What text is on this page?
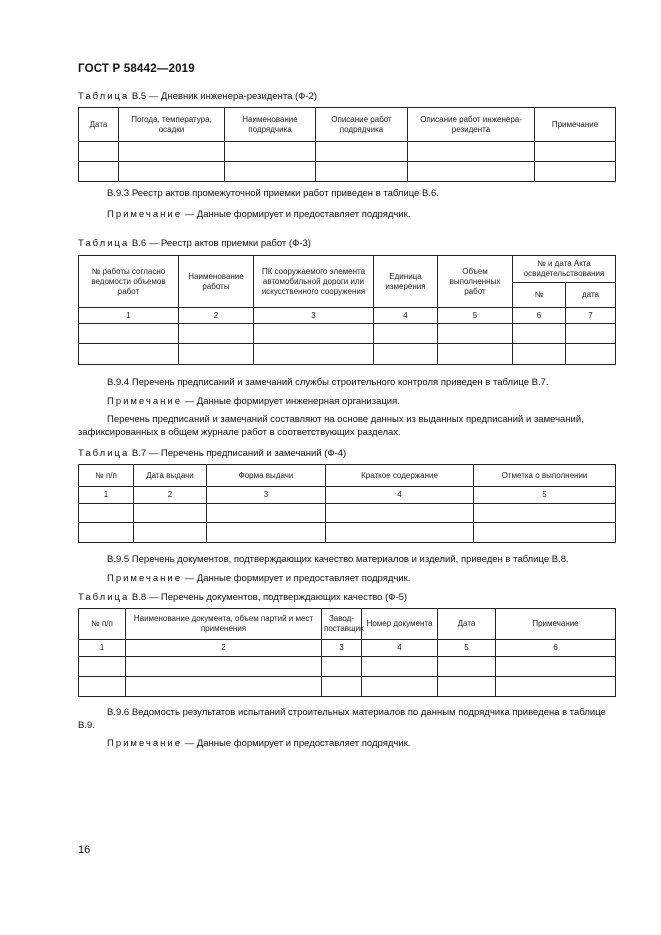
ГОСТ Р 58442—2019
Таблица В.5 — Дневник инженера-резидента (Ф-2)
Дата	Погода, температура, осадки	Наименование подрядчика	Описание работ подрядчика	Описание работ инженера-резидента	Примечание

В.9.3 Реестр актов промежуточной приемки работ приведен в таблице В.6.
Примечание — Данные формирует и предоставляет подрядчик.
Таблица В.6 — Реестр актов приемки работ (Ф-3)
№ работы согласно ведомости объемов работ	Наименование работы	ПК сооружаемого элемента автомобильной дороги или искусственного сооружения	Единица измерения	Объем выполненных работ	№ и дата Акта освидетельствования	
					№	дата
1	2	3	4	5	6	7

В.9.4 Перечень предписаний и замечаний службы строительного контроля приведен в таблице В.7.
Примечание — Данные формирует инженерная организация.
Перечень предписаний и замечаний составляют на основе данных из выданных предписаний и замечаний, зафиксированных в общем журнале работ в соответствующих разделах.
Таблица В.7 — Перечень предписаний и замечаний (Ф-4)
№ п/п	Дата выдачи	Форма выдачи	Краткое содержание	Отметка о выполнении
1	2	3	4	5

В.9.5 Перечень документов, подтверждающих качество материалов и изделий, приведен в таблице В.8.
Примечание — Данные формирует и предоставляет подрядчик.
Таблица В.8 — Перечень документов, подтверждающих качество (Ф-5)
№ п/п	Наименование документа, объем партий и мест применения	Завод-поставщик	Номер документа	Дата	Примечание
1	2	3	4	5	6

В.9.6 Ведомость результатов испытаний строительных материалов по данным подрядчика приведена в таблице В.9.
Примечание — Данные формирует и предоставляет подрядчик.
16
